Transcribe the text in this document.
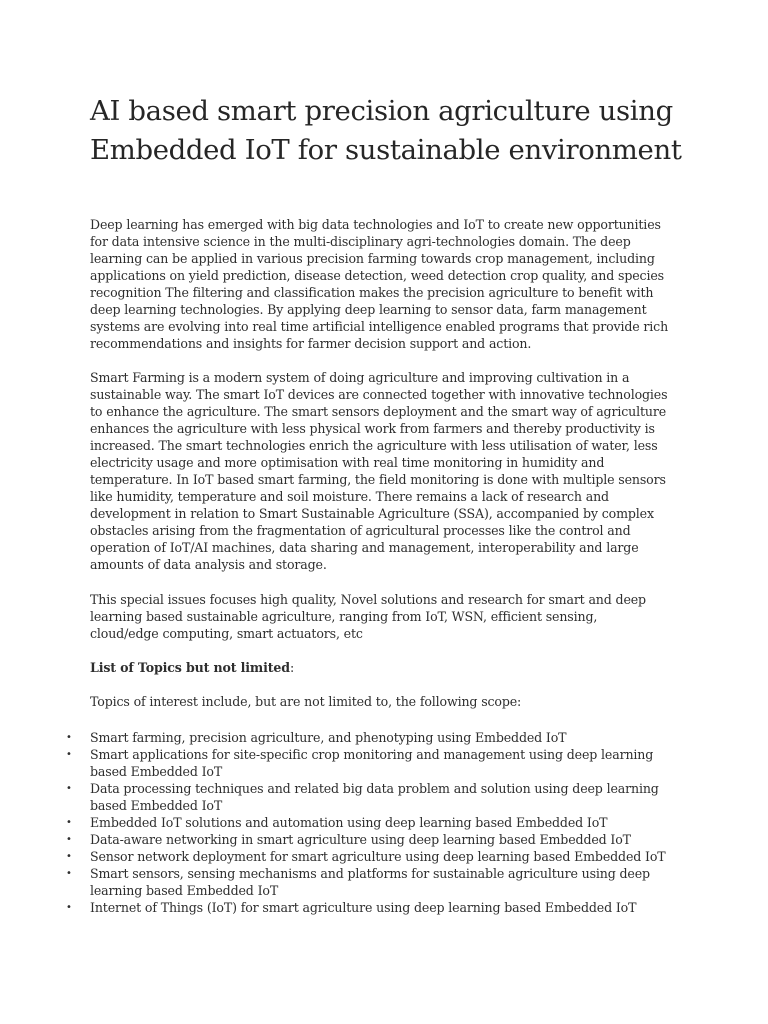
AI based smart precision agriculture using
Embedded IoT for sustainable environment
Deep learning has emerged with big data technologies and IoT to create new opportunities
for data intensive science in the multi-disciplinary agri-technologies domain. The deep
learning can be applied in various precision farming towards crop management, including
applications on yield prediction, disease detection, weed detection crop quality, and species
recognition The filtering and classification makes the precision agriculture to benefit with
deep learning technologies. By applying deep learning to sensor data, farm management
systems are evolving into real time artificial intelligence enabled programs that provide rich
recommendations and insights for farmer decision support and action.
Smart Farming is a modern system of doing agriculture and improving cultivation in a
sustainable way. The smart IoT devices are connected together with innovative technologies
to enhance the agriculture. The smart sensors deployment and the smart way of agriculture
enhances the agriculture with less physical work from farmers and thereby productivity is
increased. The smart technologies enrich the agriculture with less utilisation of water, less
electricity usage and more optimisation with real time monitoring in humidity and
temperature. In IoT based smart farming, the field monitoring is done with multiple sensors
like humidity, temperature and soil moisture. There remains a lack of research and
development in relation to Smart Sustainable Agriculture (SSA), accompanied by complex
obstacles arising from the fragmentation of agricultural processes like the control and
operation of IoT/AI machines, data sharing and management, interoperability and large
amounts of data analysis and storage.
This special issues focuses high quality, Novel solutions and research for smart and deep
learning based sustainable agriculture, ranging from IoT, WSN, efficient sensing,
cloud/edge computing, smart actuators, etc
List of Topics but not limited:
Topics of interest include, but are not limited to, the following scope:
•	Smart farming, precision agriculture, and phenotyping using Embedded IoT
•	Smart applications for site-specific crop monitoring and management using deep learning
based Embedded IoT
•	Data processing techniques and related big data problem and solution using deep learning
based Embedded IoT
•	Embedded IoT solutions and automation using deep learning based Embedded IoT
•	Data-aware networking in smart agriculture using deep learning based Embedded IoT
•	Sensor network deployment for smart agriculture using deep learning based Embedded IoT
•	Smart sensors, sensing mechanisms and platforms for sustainable agriculture using deep
learning based Embedded IoT
•	Internet of Things (IoT) for smart agriculture using deep learning based Embedded IoT
